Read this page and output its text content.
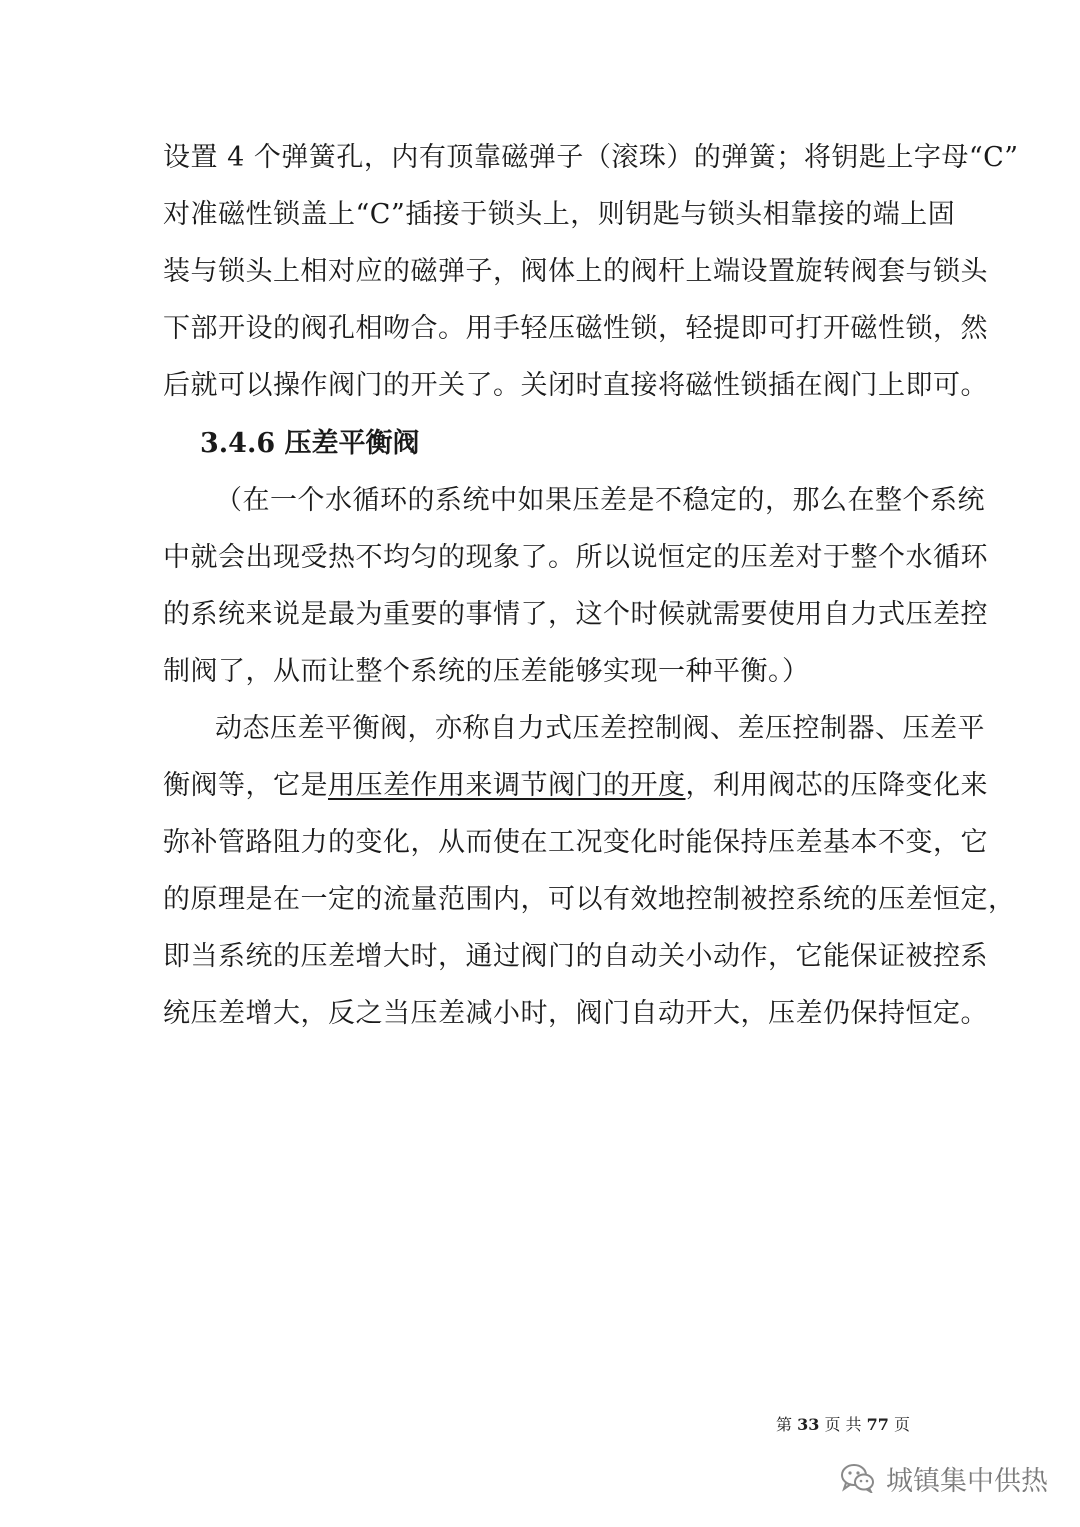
设置 4 个弹簧孔，内有顶靠磁弹子（滚珠）的弹簧；将钥匙上字母“C”
对准磁性锁盖上“C”插接于锁头上，则钥匙与锁头相靠接的端上固
装与锁头上相对应的磁弹子，阀体上的阀杆上端设置旋转阀套与锁头
下部开设的阀孔相吻合。用手轻压磁性锁，轻提即可打开磁性锁，然
后就可以操作阀门的开关了。关闭时直接将磁性锁插在阀门上即可。
3.4.6 压差平衡阀
（在一个水循环的系统中如果压差是不稳定的，那么在整个系统
中就会出现受热不均匀的现象了。所以说恒定的压差对于整个水循环
的系统来说是最为重要的事情了，这个时候就需要使用自力式压差控
制阀了，从而让整个系统的压差能够实现一种平衡。）
动态压差平衡阀，亦称自力式压差控制阀、差压控制器、压差平
衡阀等，它是用压差作用来调节阀门的开度，利用阀芯的压降变化来
弥补管路阻力的变化，从而使在工况变化时能保持压差基本不变，它
的原理是在一定的流量范围内，可以有效地控制被控系统的压差恒定，
即当系统的压差增大时，通过阀门的自动关小动作，它能保证被控系
统压差增大，反之当压差减小时，阀门自动开大，压差仍保持恒定。
第 33 页 共 77 页
城镇集中供热
